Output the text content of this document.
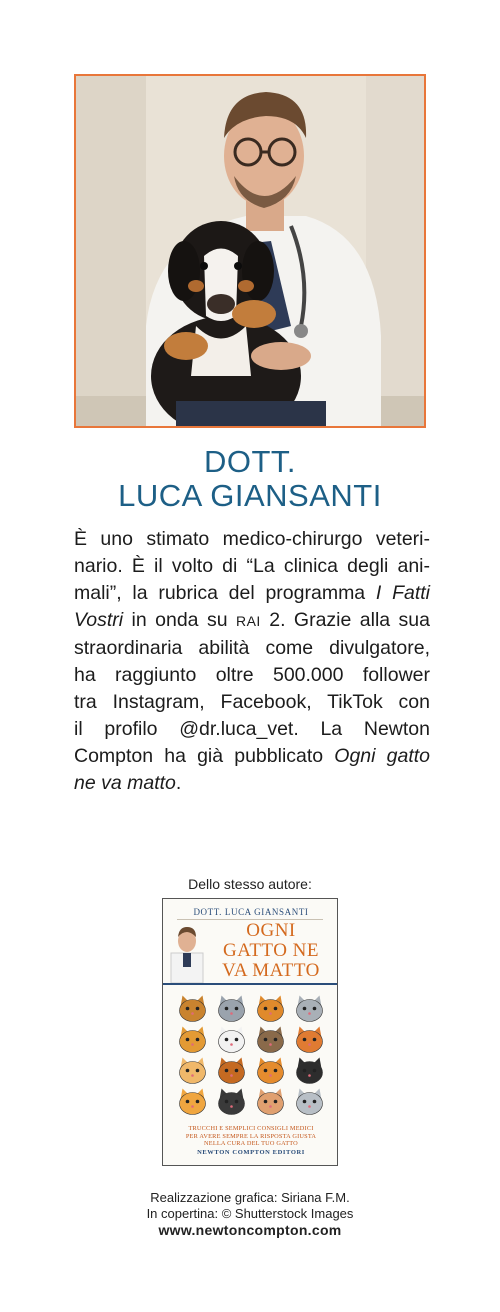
DOTT.
LUCA GIANSANTI
È uno stimato medico-chirurgo veteri-
nario. È il volto di “La clinica degli ani-
mali”, la rubrica del programma I Fatti
Vostri in onda su RAI 2. Grazie alla sua
straordinaria abilità come divulgatore,
ha raggiunto oltre 500.000 follower
tra Instagram, Facebook, TikTok con
il profilo @dr.luca_vet. La Newton
Compton ha già pubblicato Ogni gatto
ne va matto.
Dello stesso autore:
DOTT. LUCA GIANSANTI
OGNI
GATTO NE
VA MATTO
TRUCCHI E SEMPLICI CONSIGLI MEDICI
PER AVERE SEMPRE LA RISPOSTA GIUSTA
NELLA CURA DEL TUO GATTO
NEWTON COMPTON EDITORI
Realizzazione grafica: Siriana F.M.
In copertina: © Shutterstock Images
www.newtoncompton.com
